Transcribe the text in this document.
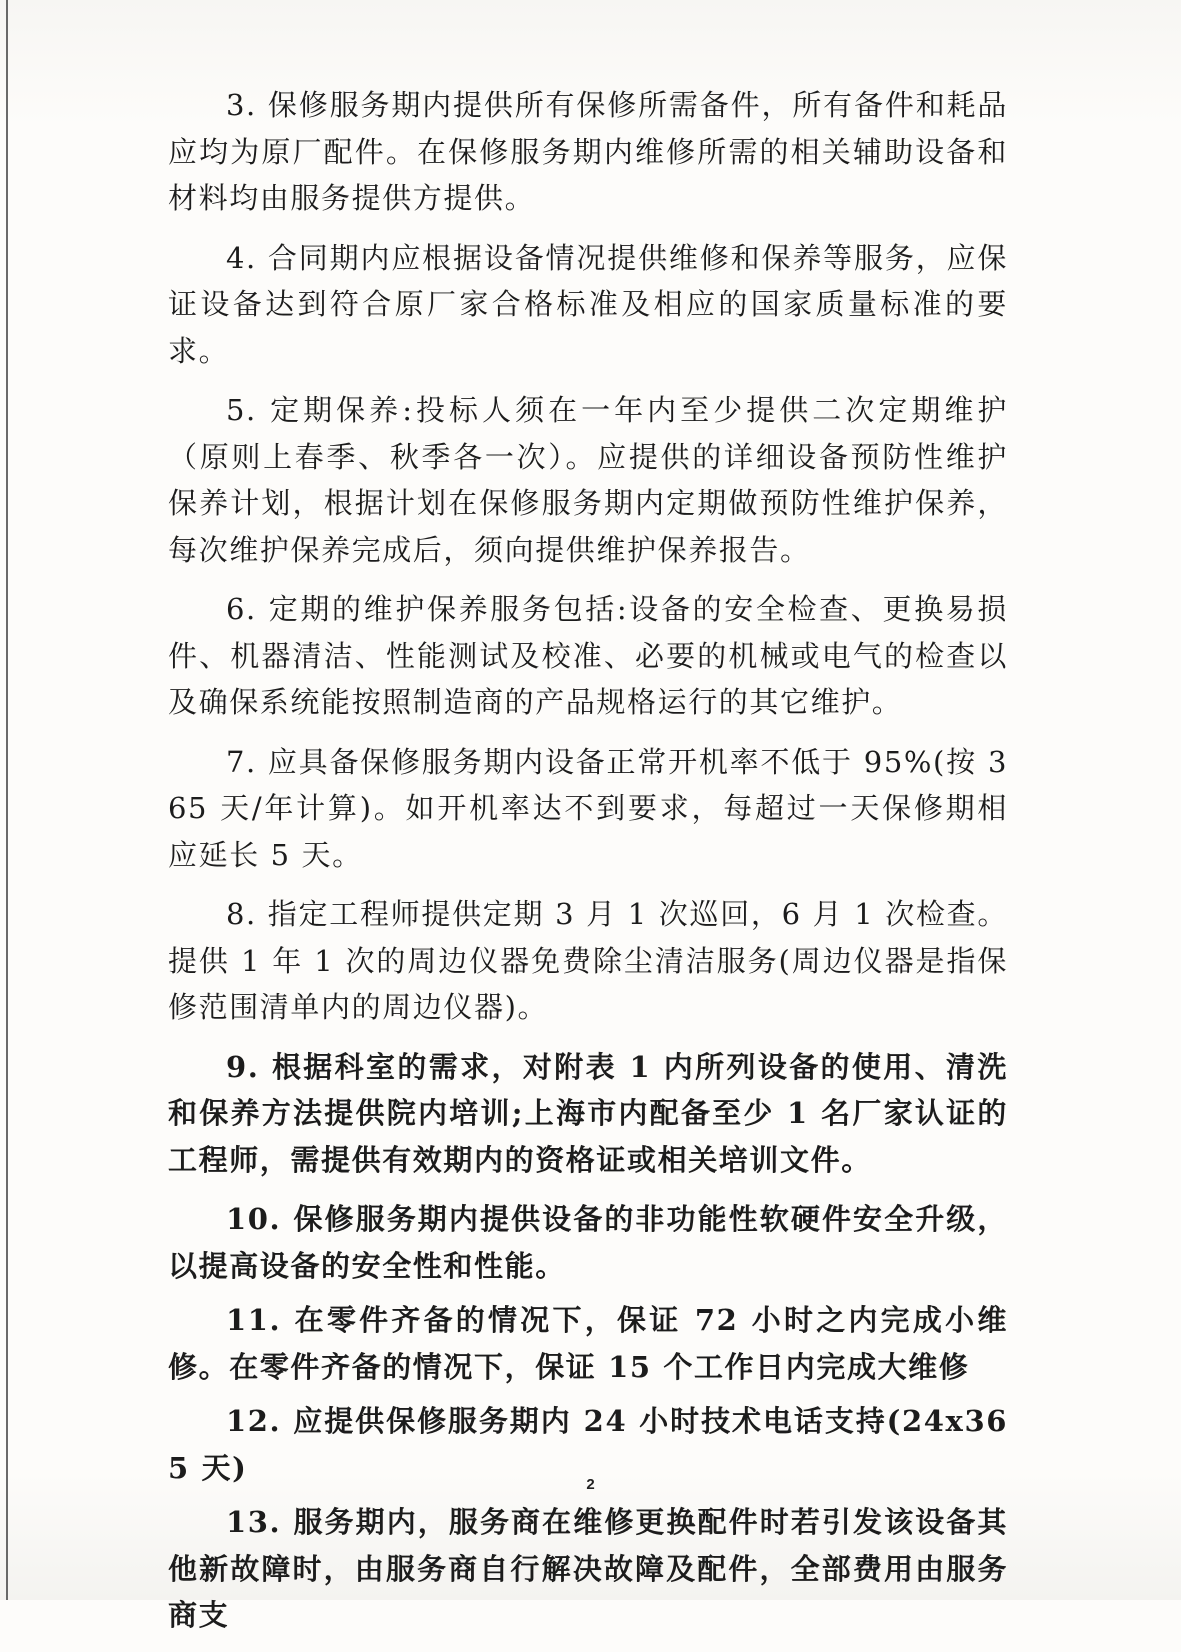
3. 保修服务期内提供所有保修所需备件，所有备件和耗品应均为原厂配件。在保修服务期内维修所需的相关辅助设备和材料均由服务提供方提供。

4. 合同期内应根据设备情况提供维修和保养等服务，应保证设备达到符合原厂家合格标准及相应的国家质量标准的要求。

5. 定期保养:投标人须在一年内至少提供二次定期维护（原则上春季、秋季各一次）。应提供的详细设备预防性维护保养计划，根据计划在保修服务期内定期做预防性维护保养，每次维护保养完成后，须向提供维护保养报告。

6. 定期的维护保养服务包括:设备的安全检查、更换易损件、机器清洁、性能测试及校准、必要的机械或电气的检查以及确保系统能按照制造商的产品规格运行的其它维护。

7. 应具备保修服务期内设备正常开机率不低于 95%(按 365 天/年计算)。如开机率达不到要求，每超过一天保修期相应延长 5 天。

8. 指定工程师提供定期 3 月 1 次巡回，6 月 1 次检查。提供 1 年 1 次的周边仪器免费除尘清洁服务(周边仪器是指保修范围清单内的周边仪器)。

9. 根据科室的需求，对附表 1 内所列设备的使用、清洗和保养方法提供院内培训;上海市内配备至少 1 名厂家认证的工程师，需提供有效期内的资格证或相关培训文件。

10. 保修服务期内提供设备的非功能性软硬件安全升级，以提高设备的安全性和性能。

11. 在零件齐备的情况下，保证 72 小时之内完成小维修。在零件齐备的情况下，保证 15 个工作日内完成大维修

12. 应提供保修服务期内 24 小时技术电话支持(24x365 天)

13. 服务期内，服务商在维修更换配件时若引发该设备其他新故障时，由服务商自行解决故障及配件，全部费用由服务商支

2
